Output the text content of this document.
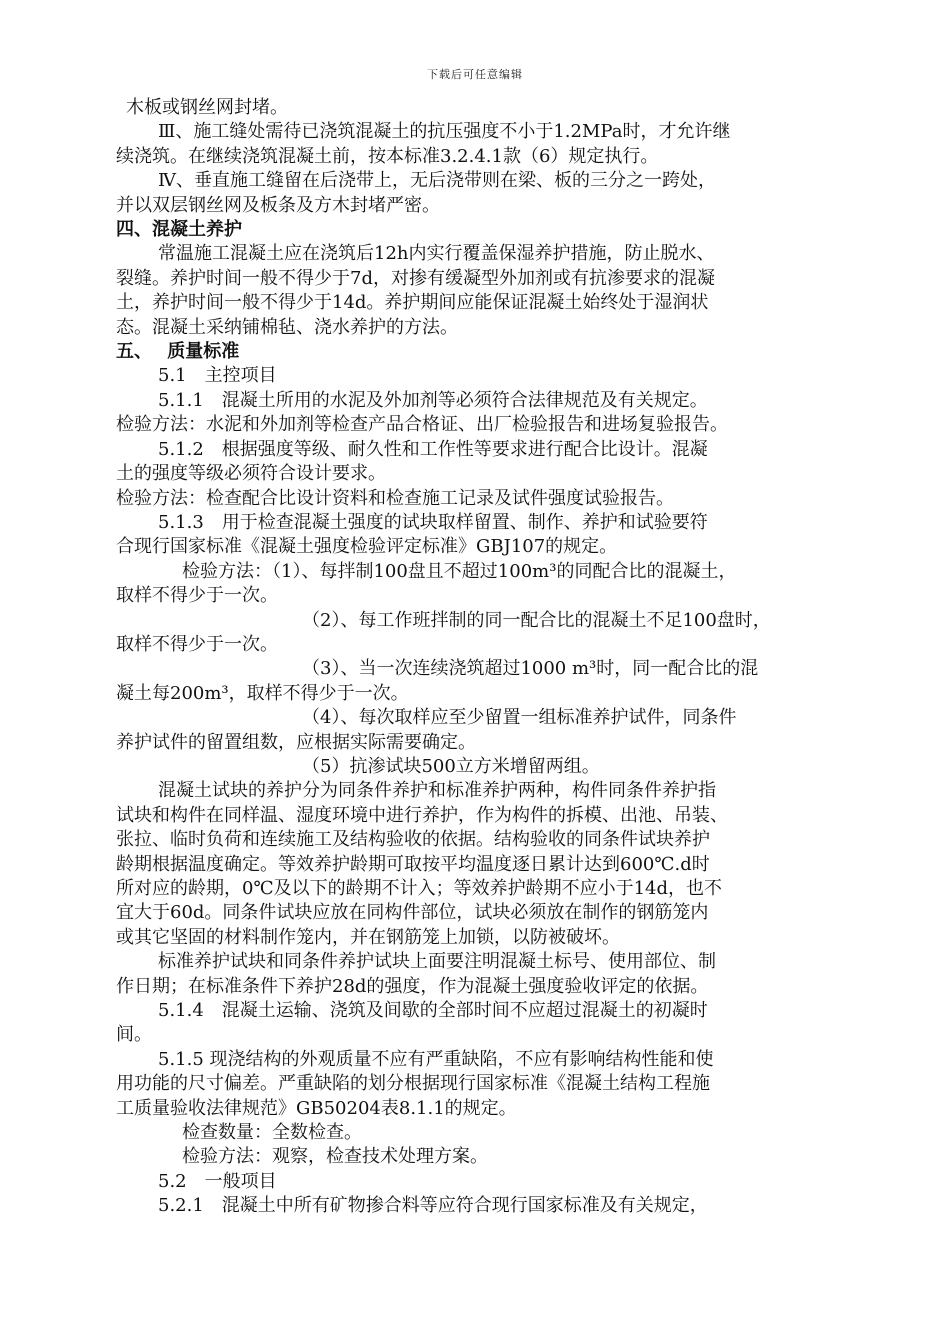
下载后可任意编辑
木板或钢丝网封堵。
Ⅲ、施工缝处需待已浇筑混凝土的抗压强度不小于1.2MPa时，才允许继
续浇筑。在继续浇筑混凝土前，按本标准3.2.4.1款（6）规定执行。
Ⅳ、垂直施工缝留在后浇带上，无后浇带则在梁、板的三分之一跨处，
并以双层钢丝网及板条及方木封堵严密。
四、混凝土养护
常温施工混凝土应在浇筑后12h内实行覆盖保湿养护措施，防止脱水、
裂缝。养护时间一般不得少于7d，对掺有缓凝型外加剂或有抗渗要求的混凝
土，养护时间一般不得少于14d。养护期间应能保证混凝土始终处于湿润状
态。混凝土采纳铺棉毡、浇水养护的方法。
五、　 质量标准
5.1　主控项目
5.1.1　混凝土所用的水泥及外加剂等必须符合法律规范及有关规定。
检验方法：水泥和外加剂等检查产品合格证、出厂检验报告和进场复验报告。
5.1.2　根据强度等级、耐久性和工作性等要求进行配合比设计。混凝
土的强度等级必须符合设计要求。
检验方法：检查配合比设计资料和检查施工记录及试件强度试验报告。
5.1.3　用于检查混凝土强度的试块取样留置、制作、养护和试验要符
合现行国家标准《混凝土强度检验评定标准》GBJ107的规定。
检验方法：（1）、每拌制100盘且不超过100m³的同配合比的混凝土，
取样不得少于一次。
（2）、每工作班拌制的同一配合比的混凝土不足100盘时，
取样不得少于一次。
（3）、当一次连续浇筑超过1000 m³时，同一配合比的混
凝土每200m³，取样不得少于一次。
（4）、每次取样应至少留置一组标准养护试件，同条件
养护试件的留置组数，应根据实际需要确定。
（5）抗渗试块500立方米增留两组。
混凝土试块的养护分为同条件养护和标准养护两种，构件同条件养护指
试块和构件在同样温、湿度环境中进行养护，作为构件的拆模、出池、吊装、
张拉、临时负荷和连续施工及结构验收的依据。结构验收的同条件试块养护
龄期根据温度确定。等效养护龄期可取按平均温度逐日累计达到600℃.d时
所对应的龄期，0℃及以下的龄期不计入；等效养护龄期不应小于14d，也不
宜大于60d。同条件试块应放在同构件部位，试块必须放在制作的钢筋笼内
或其它坚固的材料制作笼内，并在钢筋笼上加锁，以防被破坏。
标准养护试块和同条件养护试块上面要注明混凝土标号、使用部位、制
作日期；在标准条件下养护28d的强度，作为混凝土强度验收评定的依据。
5.1.4　混凝土运输、浇筑及间歇的全部时间不应超过混凝土的初凝时
间。
5.1.5 现浇结构的外观质量不应有严重缺陷，不应有影响结构性能和使
用功能的尺寸偏差。严重缺陷的划分根据现行国家标准《混凝土结构工程施
工质量验收法律规范》GB50204表8.1.1的规定。
检查数量：全数检查。
检验方法：观察，检查技术处理方案。
5.2　一般项目
5.2.1　混凝土中所有矿物掺合料等应符合现行国家标准及有关规定，
